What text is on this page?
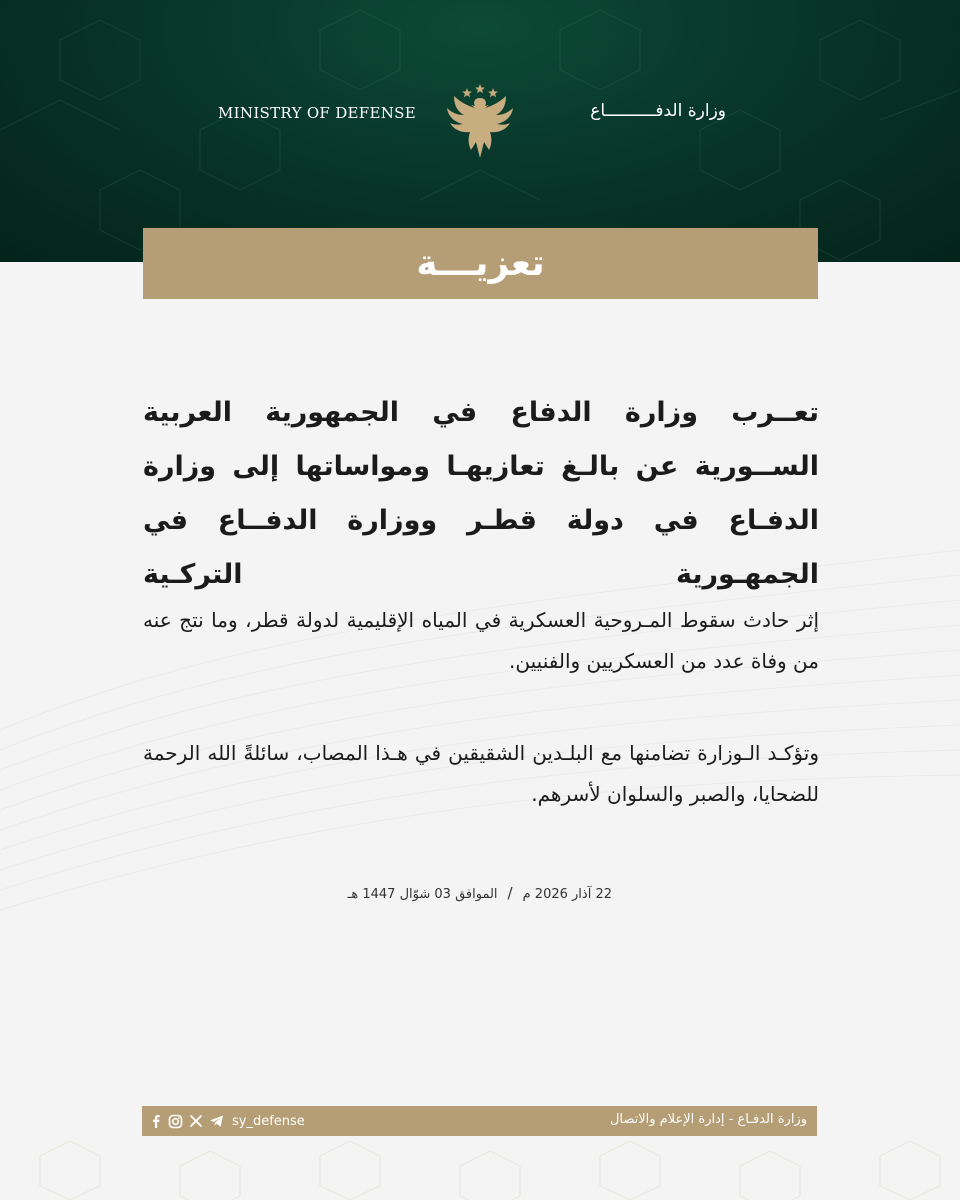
MINISTRY OF DEFENSE	وزارة الدفــــــــــاع
تعزيـــة
تعــرب وزارة الدفاع في الجمهورية العربية الســورية عن بالـغ تعازيهـا ومواساتها إلى وزارة الدفـاع في دولة قطـر ووزارة الدفــاع في الجمهـورية التركـية
إثر حادث سقوط المـروحية العسكرية في المياه الإقليمية لدولة قطر، وما نتج عنه من وفاة عدد من العسكريين والفنيين.
وتؤكـد الـوزارة تضامنها مع البلـدين الشقيقين في هـذا المصاب، سائلةً الله الرحمة للضحايا، والصبر والسلوان لأسرهم.
22 آذار 2026 م/الموافق 03 شوّال 1447 هـ
sy_defense	وزارة الدفـاع - إدارة الإعلام والاتصال
